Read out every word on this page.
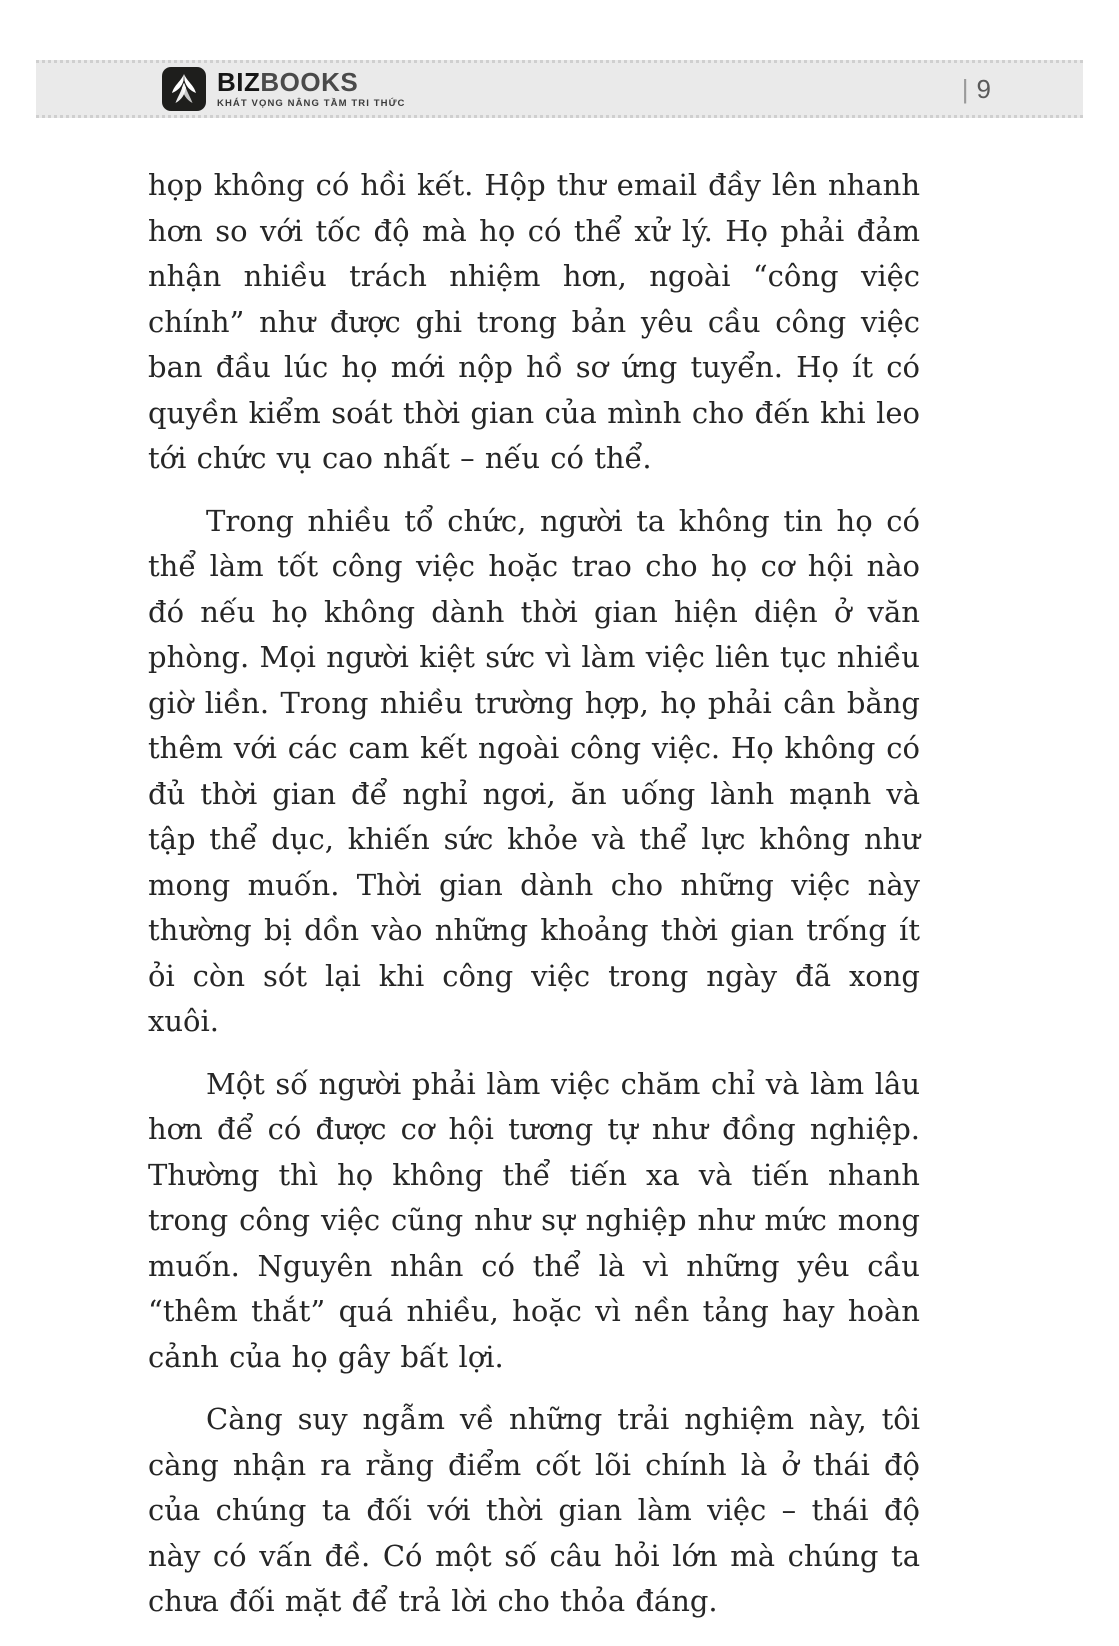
BIZBOOKS
KHÁT VỌNG NÂNG TẦM TRI THỨC
| 9

họp không có hồi kết. Hộp thư email đầy lên nhanh hơn so với tốc độ mà họ có thể xử lý. Họ phải đảm nhận nhiều trách nhiệm hơn, ngoài “công việc chính” như được ghi trong bản yêu cầu công việc ban đầu lúc họ mới nộp hồ sơ ứng tuyển. Họ ít có quyền kiểm soát thời gian của mình cho đến khi leo tới chức vụ cao nhất – nếu có thể.

Trong nhiều tổ chức, người ta không tin họ có thể làm tốt công việc hoặc trao cho họ cơ hội nào đó nếu họ không dành thời gian hiện diện ở văn phòng. Mọi người kiệt sức vì làm việc liên tục nhiều giờ liền. Trong nhiều trường hợp, họ phải cân bằng thêm với các cam kết ngoài công việc. Họ không có đủ thời gian để nghỉ ngơi, ăn uống lành mạnh và tập thể dục, khiến sức khỏe và thể lực không như mong muốn. Thời gian dành cho những việc này thường bị dồn vào những khoảng thời gian trống ít ỏi còn sót lại khi công việc trong ngày đã xong xuôi.

Một số người phải làm việc chăm chỉ và làm lâu hơn để có được cơ hội tương tự như đồng nghiệp. Thường thì họ không thể tiến xa và tiến nhanh trong công việc cũng như sự nghiệp như mức mong muốn. Nguyên nhân có thể là vì những yêu cầu “thêm thắt” quá nhiều, hoặc vì nền tảng hay hoàn cảnh của họ gây bất lợi.

Càng suy ngẫm về những trải nghiệm này, tôi càng nhận ra rằng điểm cốt lõi chính là ở thái độ của chúng ta đối với thời gian làm việc – thái độ này có vấn đề. Có một số câu hỏi lớn mà chúng ta chưa đối mặt để trả lời cho thỏa đáng.
